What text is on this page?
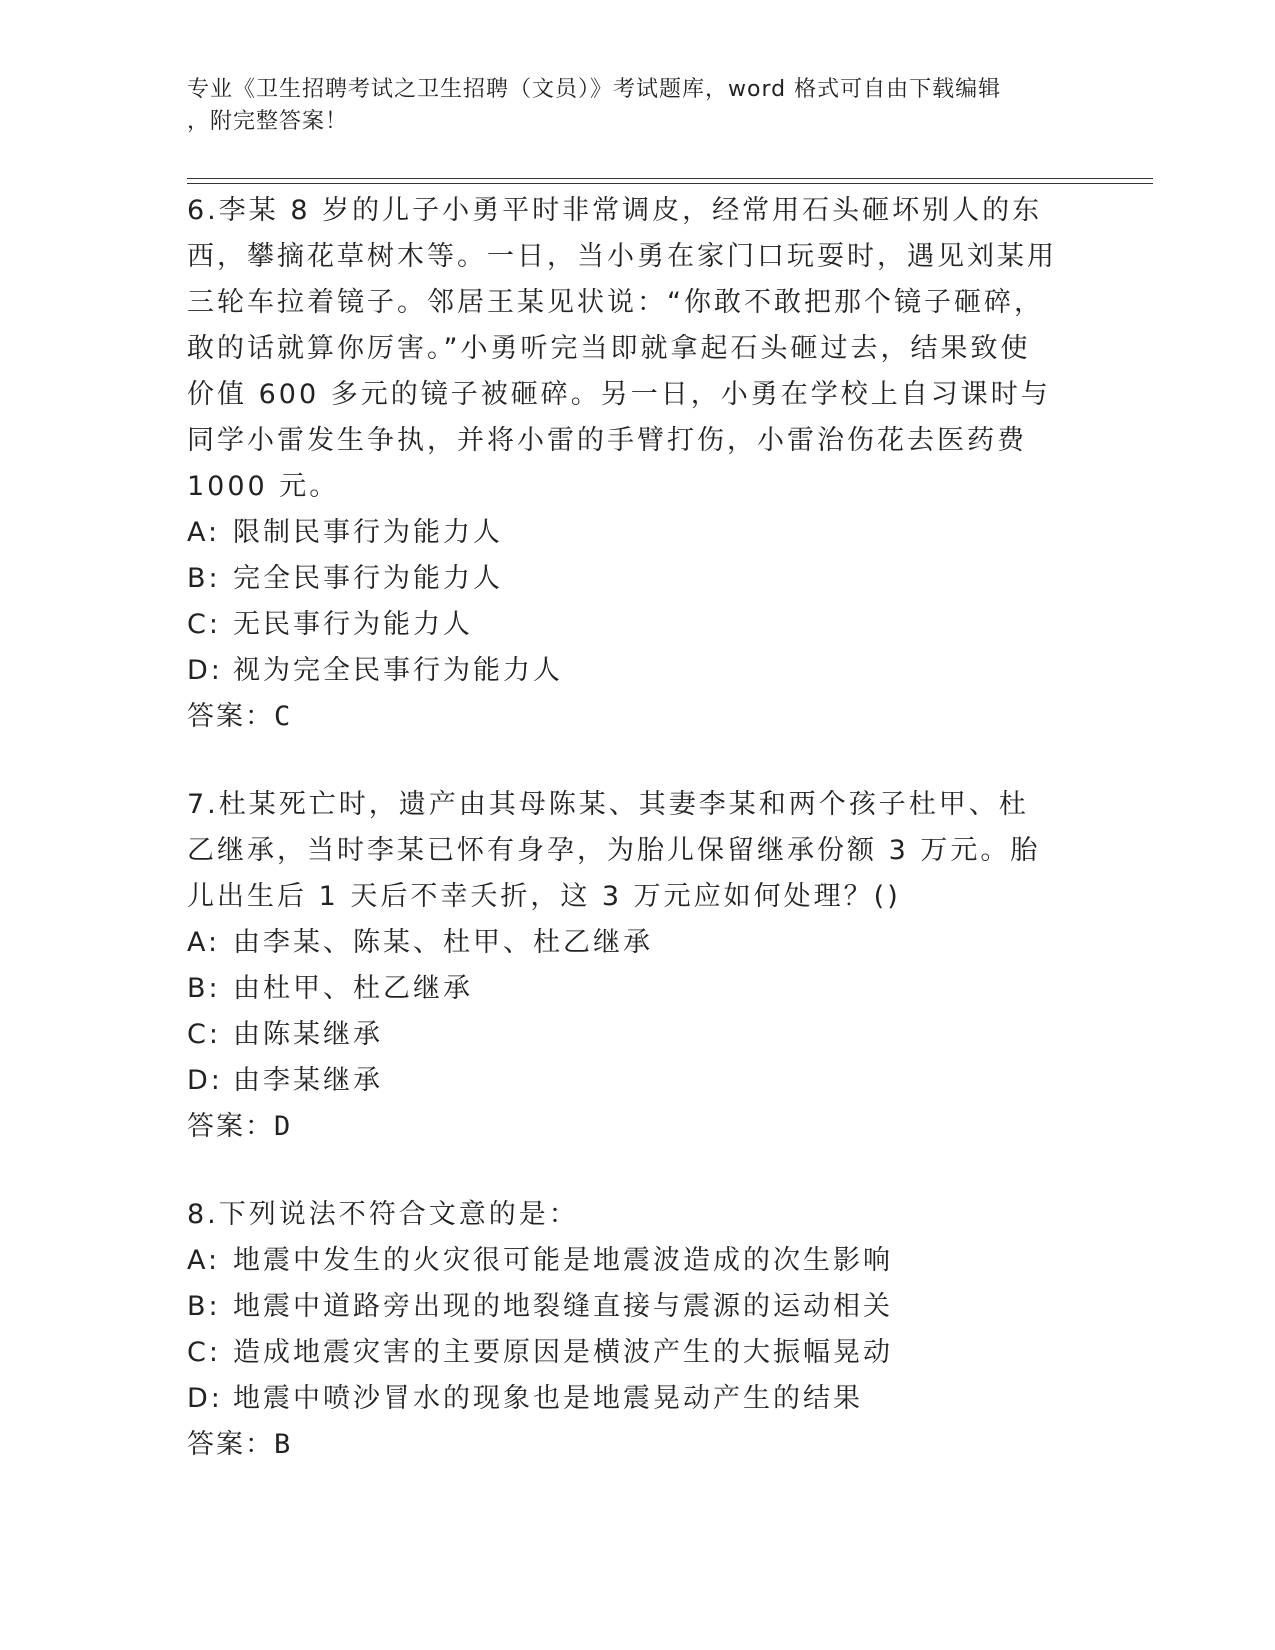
专业《卫生招聘考试之卫生招聘（文员）》考试题库，word 格式可自由下载编辑
，附完整答案！

6.李某 8 岁的儿子小勇平时非常调皮，经常用石头砸坏别人的东西，攀摘花草树木等。一日，当小勇在家门口玩耍时，遇见刘某用三轮车拉着镜子。邻居王某见状说：“你敢不敢把那个镜子砸碎，敢的话就算你厉害。”小勇听完当即就拿起石头砸过去，结果致使价值 600 多元的镜子被砸碎。另一日，小勇在学校上自习课时与同学小雷发生争执，并将小雷的手臂打伤，小雷治伤花去医药费 1000 元。

A: 限制民事行为能力人
B: 完全民事行为能力人
C: 无民事行为能力人
D: 视为完全民事行为能力人
答案：C

7.杜某死亡时，遗产由其母陈某、其妻李某和两个孩子杜甲、杜乙继承，当时李某已怀有身孕，为胎儿保留继承份额 3 万元。胎儿出生后 1 天后不幸夭折，这 3 万元应如何处理？()

A: 由李某、陈某、杜甲、杜乙继承
B: 由杜甲、杜乙继承
C: 由陈某继承
D: 由李某继承
答案：D

8.下列说法不符合文意的是：

A: 地震中发生的火灾很可能是地震波造成的次生影响
B: 地震中道路旁出现的地裂缝直接与震源的运动相关
C: 造成地震灾害的主要原因是横波产生的大振幅晃动
D: 地震中喷沙冒水的现象也是地震晃动产生的结果
答案：B
